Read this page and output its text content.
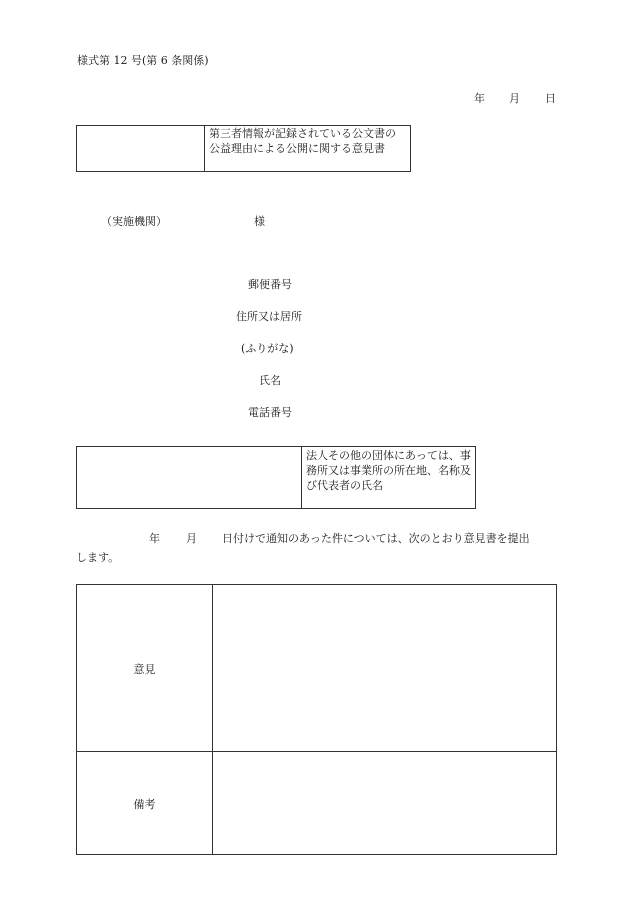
様式第 12 号(第 6 条関係)
年 月 日
第三者情報が記録されている公文書の公益理由による公開に関する意見書
（実施機関）	様
郵便番号
住所又は居所
(ふりがな)
氏名
電話番号
法人その他の団体にあっては、事務所又は事業所の所在地、名称及び代表者の氏名
年 月 日付けで通知のあった件については、次のとおり意見書を提出
します。
意見
備考
